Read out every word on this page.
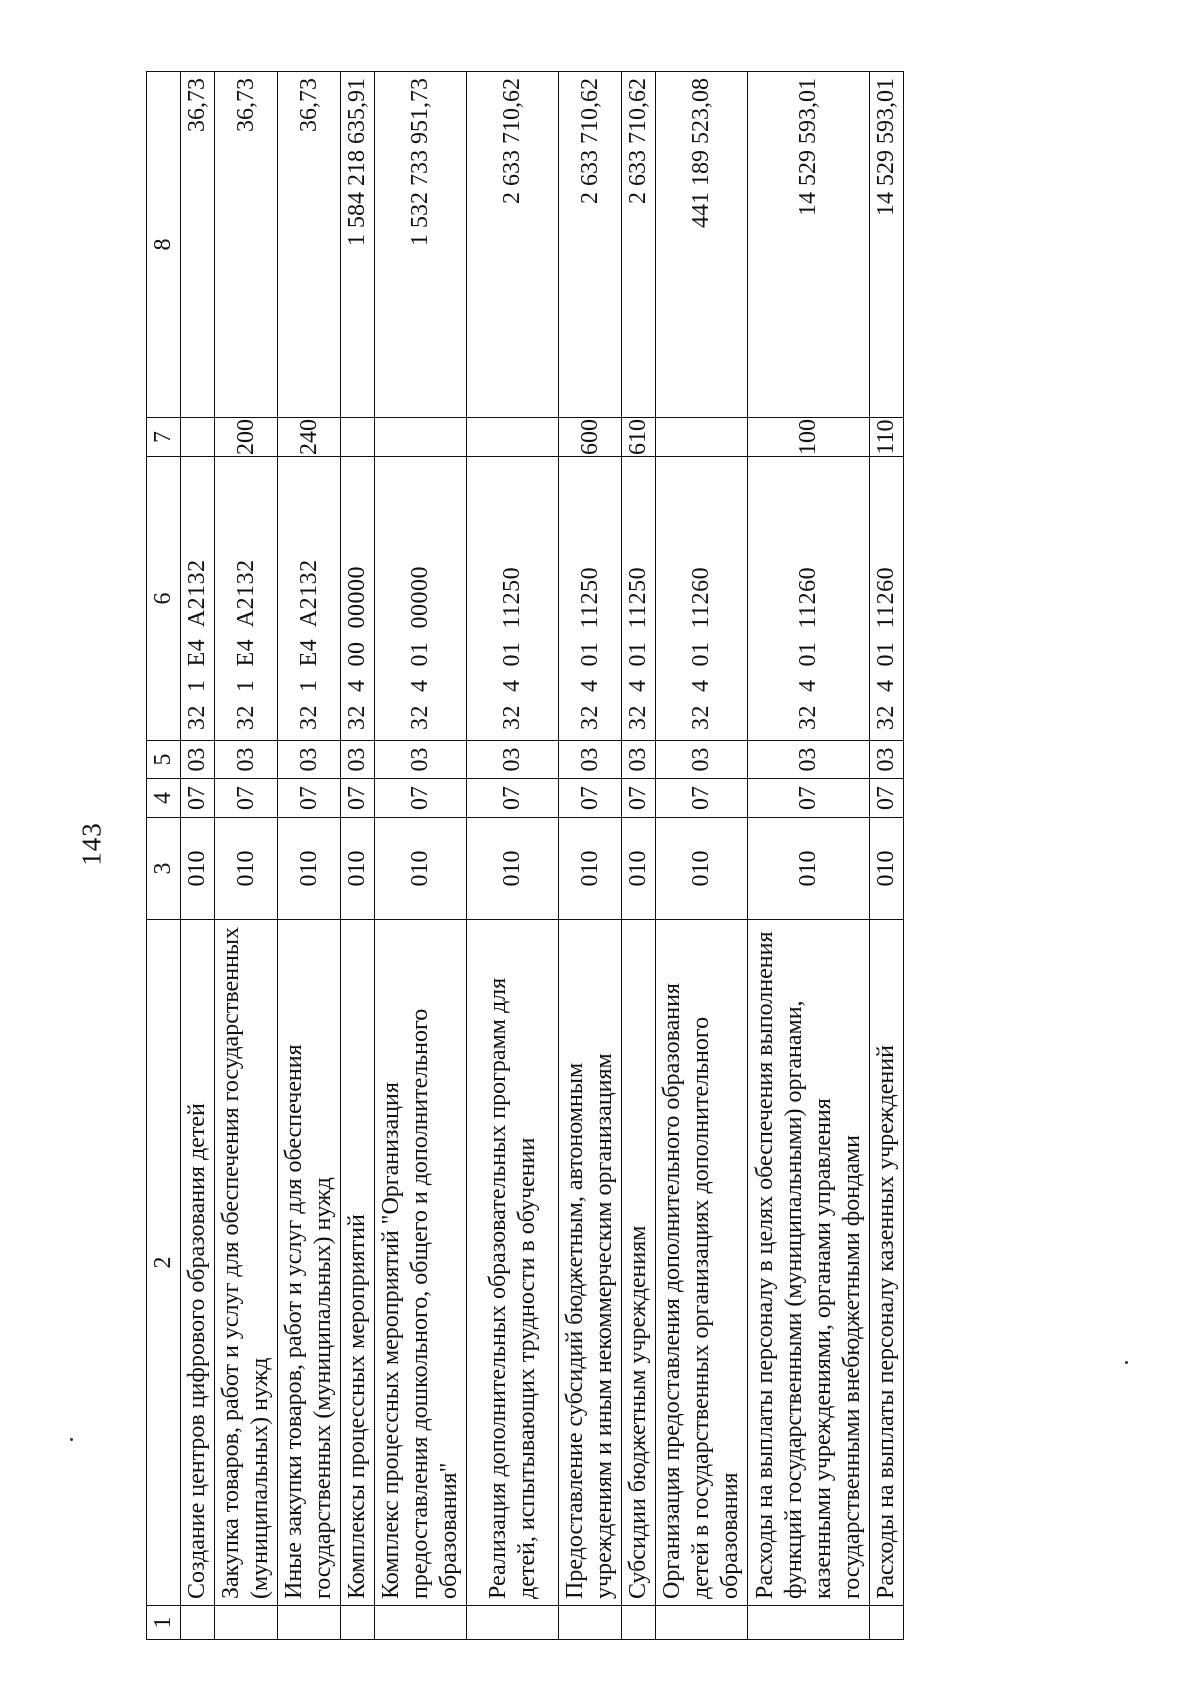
143
1	2	3	4	5	6	7	8
	Создание центров цифрового образования детей	010	07	03	32  1  E4  A2132		36,73
	Закупка товаров, работ и услуг для обеспечения государственных (муниципальных) нужд	010	07	03	32  1  E4  A2132	200	36,73
	Иные закупки товаров, работ и услуг для обеспечения государственных (муниципальных) нужд	010	07	03	32  1  E4  A2132	240	36,73
	Комплексы процессных мероприятий	010	07	03	32  4  00  00000		1 584 218 635,91
	Комплекс процессных мероприятий "Организация предоставления дошкольного, общего и дополнительного образования"	010	07	03	32  4  01  00000		1 532 733 951,73
	Реализация дополнительных образовательных программ для детей, испытывающих трудности в обучении	010	07	03	32  4  01  11250		2 633 710,62
	Предоставление субсидий бюджетным, автономным учреждениям и иным некоммерческим организациям	010	07	03	32  4  01  11250	600	2 633 710,62
	Субсидии бюджетным учреждениям	010	07	03	32  4  01  11250	610	2 633 710,62
	Организация предоставления дополнительного образования детей в государственных организациях дополнительного образования	010	07	03	32  4  01  11260		441 189 523,08
	Расходы на выплаты персоналу в целях обеспечения выполнения функций государственными (муниципальными) органами, казенными учреждениями, органами управления государственными внебюджетными фондами	010	07	03	32  4  01  11260	100	14 529 593,01
	Расходы на выплаты персоналу казенных учреждений	010	07	03	32  4  01  11260	110	14 529 593,01
